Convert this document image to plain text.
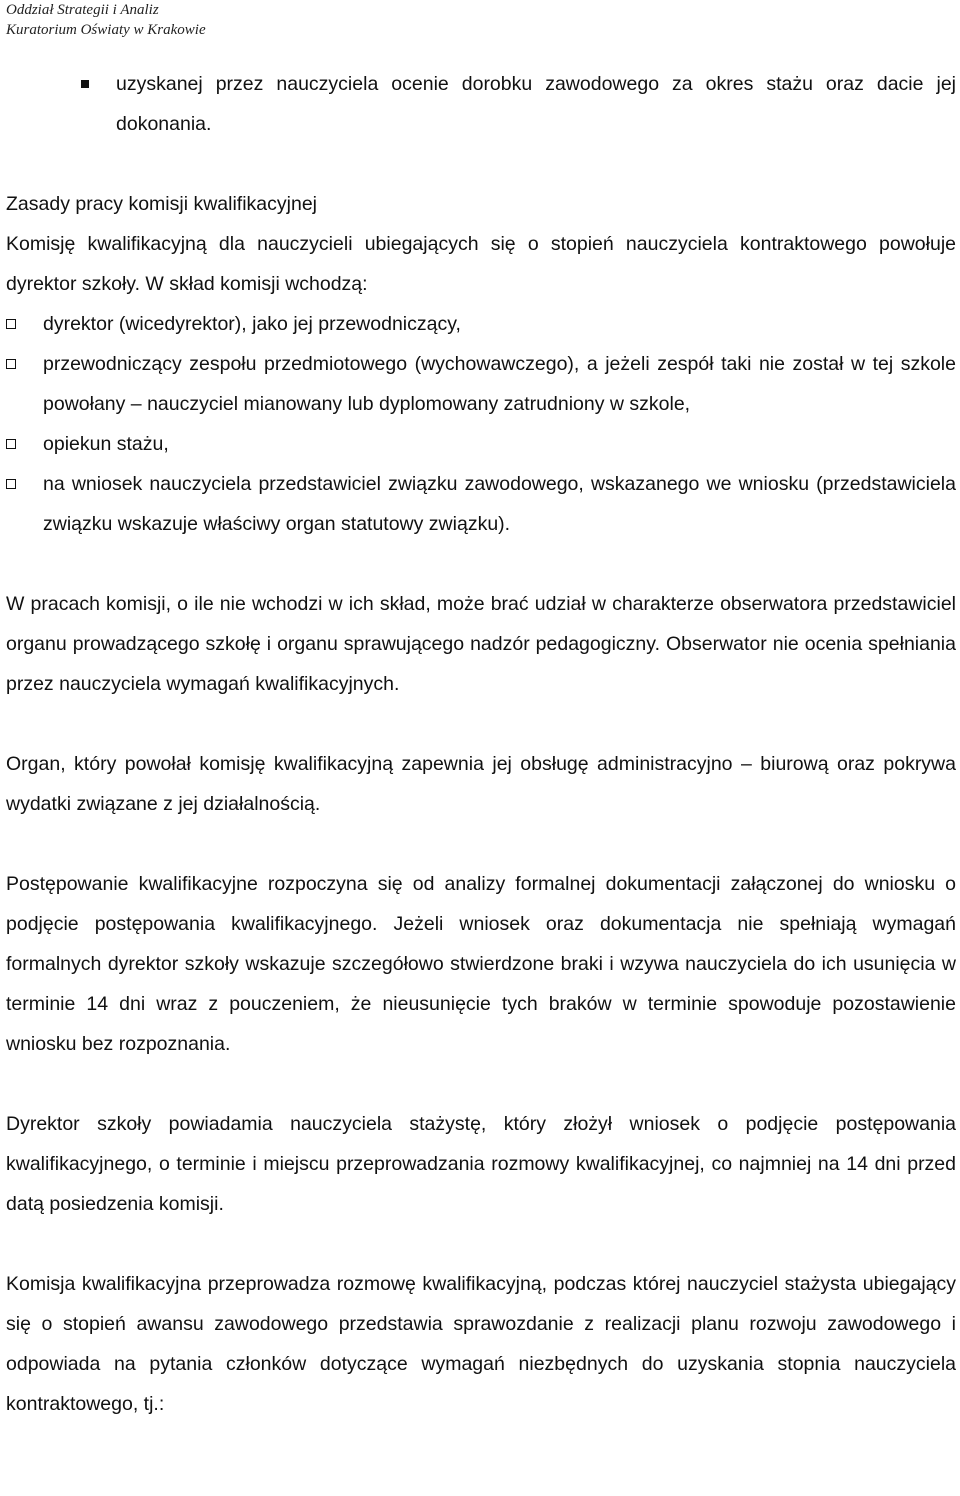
Oddział Strategii i Analiz
Kuratorium Oświaty w Krakowie
uzyskanej przez nauczyciela ocenie dorobku zawodowego za okres stażu oraz dacie jej dokonania.

Zasady pracy komisji kwalifikacyjnej

Komisję kwalifikacyjną dla nauczycieli ubiegających się o stopień nauczyciela kontraktowego powołuje dyrektor szkoły. W skład komisji wchodzą:

dyrektor (wicedyrektor), jako jej przewodniczący,
przewodniczący zespołu przedmiotowego (wychowawczego), a jeżeli zespół taki nie został w tej szkole powołany – nauczyciel mianowany lub dyplomowany zatrudniony w szkole,
opiekun stażu,
na wniosek nauczyciela przedstawiciel związku zawodowego, wskazanego we wniosku (przedstawiciela związku wskazuje właściwy organ statutowy związku).

W pracach komisji, o ile nie wchodzi w ich skład, może brać udział w charakterze obserwatora przedstawiciel organu prowadzącego szkołę i organu sprawującego nadzór pedagogiczny. Obserwator nie ocenia spełniania przez nauczyciela wymagań kwalifikacyjnych.

Organ, który powołał komisję kwalifikacyjną zapewnia jej obsługę administracyjno – biurową oraz pokrywa wydatki związane z jej działalnością.

Postępowanie kwalifikacyjne rozpoczyna się od analizy formalnej dokumentacji załączonej do wniosku o podjęcie postępowania kwalifikacyjnego. Jeżeli wniosek oraz dokumentacja nie spełniają wymagań formalnych dyrektor szkoły wskazuje szczegółowo stwierdzone braki i wzywa nauczyciela do ich usunięcia w terminie 14 dni wraz z pouczeniem, że nieusunięcie tych braków w terminie spowoduje pozostawienie wniosku bez rozpoznania.

Dyrektor szkoły powiadamia nauczyciela stażystę, który złożył wniosek o podjęcie postępowania kwalifikacyjnego, o terminie i miejscu przeprowadzania rozmowy kwalifikacyjnej, co najmniej na 14 dni przed datą posiedzenia komisji.

Komisja kwalifikacyjna przeprowadza rozmowę kwalifikacyjną, podczas której nauczyciel stażysta ubiegający się o stopień awansu zawodowego przedstawia sprawozdanie z realizacji planu rozwoju zawodowego i odpowiada na pytania członków dotyczące wymagań niezbędnych do uzyskania stopnia nauczyciela kontraktowego, tj.:
